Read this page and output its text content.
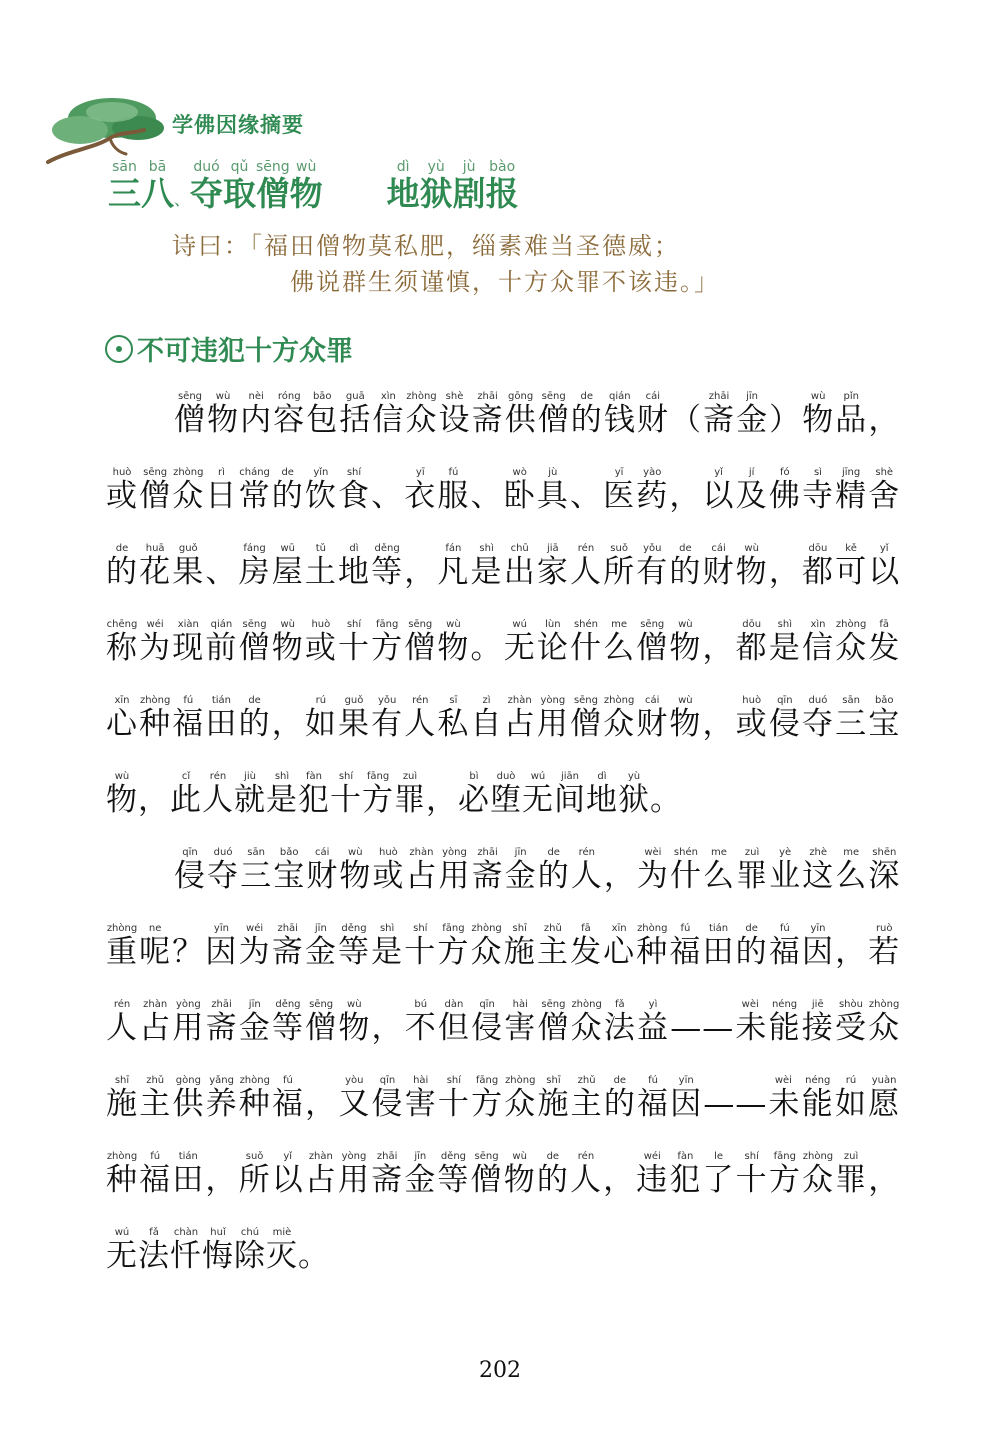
学佛因缘摘要
三sān八bā、夺duó取qǔ僧sēng物wù地dì狱yù剧jù报bào
诗曰：「福田僧物莫私肥，缁素难当圣德威；
佛说群生须谨慎，十方众罪不该违。」
不可违犯十方众罪

僧sēng物wù内nèi容róng包bāo括guā信xìn众zhòng设shè斋zhāi供gōng僧sēng的de钱qián财cái（斋zhāi金jīn）物wù品pǐn，或huò僧sēng众zhòng日rì常cháng的de饮yǐn食shí、衣yī服fú、卧wò具jù、医yī药yào，以yǐ及jí佛fó寺sì精jīng舍shè的de花huā果guǒ、房fáng屋wū土tǔ地dì等děng，凡fán是shì出chū家jiā人rén所suǒ有yǒu的de财cái物wù，都dōu可kě以yǐ称chēng为wéi现xiàn前qián僧sēng物wù或huò十shí方fāng僧sēng物wù。无wú论lùn什shén么me僧sēng物wù，都dōu是shì信xìn众zhòng发fā心xīn种zhòng福fú田tián的de，如rú果guǒ有yǒu人rén私sī自zì占zhàn用yòng僧sēng众zhòng财cái物wù，或huò侵qīn夺duó三sān宝bǎo物wù，此cǐ人rén就jiù是shì犯fàn十shí方fāng罪zuì，必bì堕duò无wú间jiān地dì狱yù。

侵qīn夺duó三sān宝bǎo财cái物wù或huò占zhàn用yòng斋zhāi金jīn的de人rén，为wèi什shén么me罪zuì业yè这zhè么me深shēn重zhòng呢ne？因yīn为wéi斋zhāi金jīn等děng是shì十shí方fāng众zhòng施shī主zhǔ发fā心xīn种zhòng福fú田tián的de福fú因yīn，若ruò人rén占zhàn用yòng斋zhāi金jīn等děng僧sēng物wù，不bú但dàn侵qīn害hài僧sēng众zhòng法fǎ益yì——未wèi能néng接jiē受shòu众zhòng施shī主zhǔ供gòng养yǎng种zhòng福fú，又yòu侵qīn害hài十shí方fāng众zhòng施shī主zhǔ的de福fú因yīn——未wèi能néng如rú愿yuàn种zhòng福fú田tián，所suǒ以yǐ占zhàn用yòng斋zhāi金jīn等děng僧sēng物wù的de人rén，违wéi犯fàn了le十shí方fāng众zhòng罪zuì，无wú法fǎ忏chàn悔huǐ除chú灭miè。

202
